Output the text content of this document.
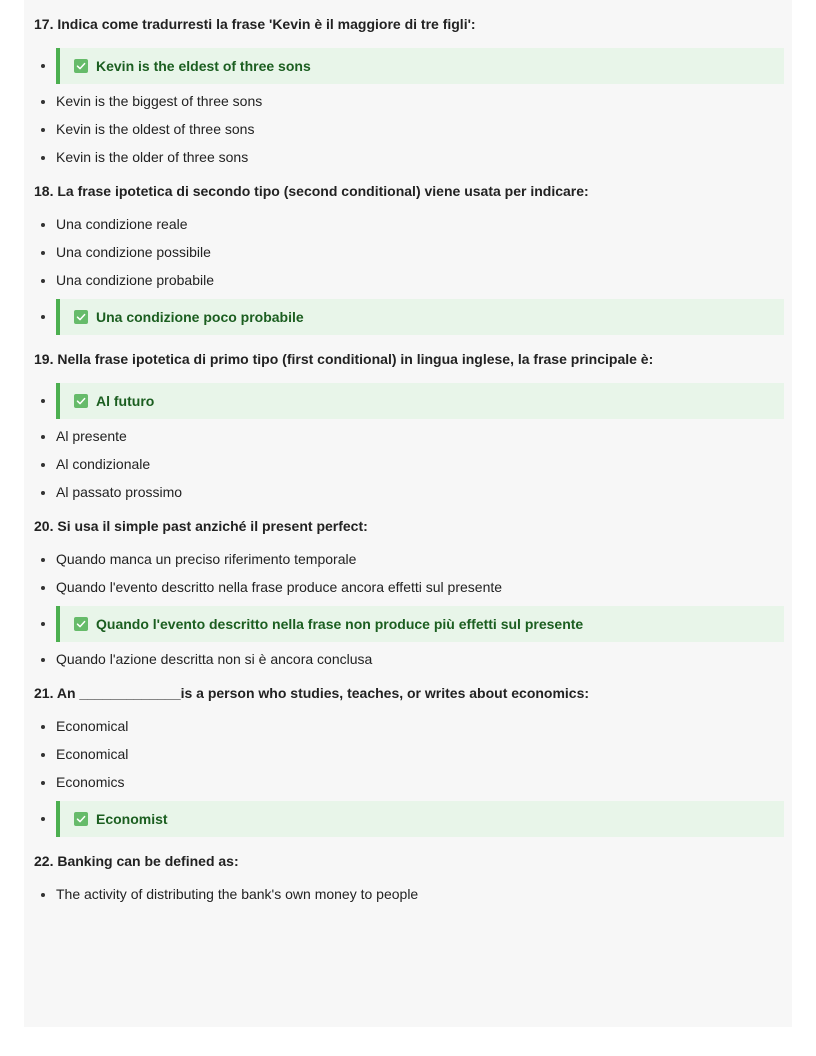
17. Indica come tradurresti la frase 'Kevin è il maggiore di tre figli':
Kevin is the eldest of three sons
Kevin is the biggest of three sons
Kevin is the oldest of three sons
Kevin is the older of three sons
18. La frase ipotetica di secondo tipo (second conditional) viene usata per indicare:
Una condizione reale
Una condizione possibile
Una condizione probabile
Una condizione poco probabile
19. Nella frase ipotetica di primo tipo (first conditional) in lingua inglese, la frase principale è:
Al futuro
Al presente
Al condizionale
Al passato prossimo
20. Si usa il simple past anziché il present perfect:
Quando manca un preciso riferimento temporale
Quando l'evento descritto nella frase produce ancora effetti sul presente
Quando l'evento descritto nella frase non produce più effetti sul presente
Quando l'azione descritta non si è ancora conclusa
21. An _____________is a person who studies, teaches, or writes about economics:
Economical
Economical
Economics
Economist
22. Banking can be defined as:
The activity of distributing the bank's own money to people
